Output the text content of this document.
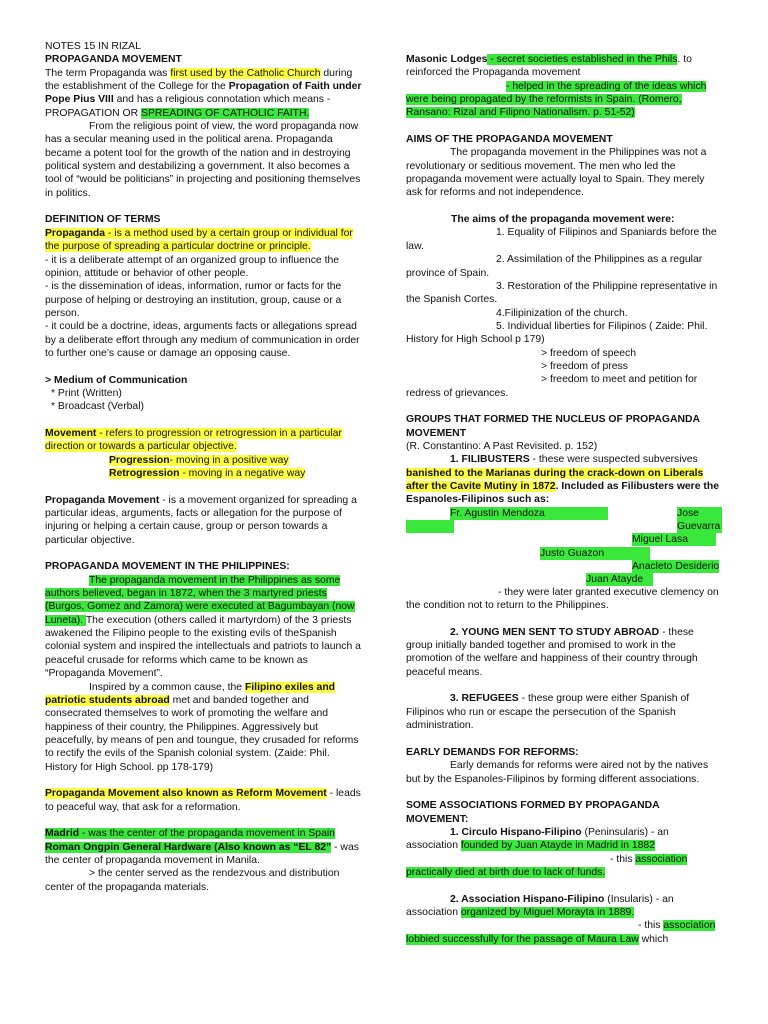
NOTES 15 IN RIZAL

PROPAGANDA MOVEMENT

The term Propaganda was first used by the Catholic Church during the establishment of the College for the Propagation of Faith under Pope Pius VIII and has a religious connotation which means - PROPAGATION OR SPREADING OF CATHOLIC FAITH.

From the religious point of view, the word propaganda now has a secular meaning used in the political arena. Propaganda became a potent tool for the growth of the nation and in destroying political system and destabilizing a government. It also becomes a tool of “would be politicians” in projecting and positioning themselves in politics.

DEFINITION OF TERMS

Propaganda - is a method used by a certain group or individual for the purpose of spreading a particular doctrine or principle.

- it is a deliberate attempt of an organized group to influence the opinion, attitude or behavior of other people.

- is the dissemination of ideas, information, rumor or facts for the purpose of helping or destroying an institution, group, cause or a person.

- it could be a doctrine, ideas, arguments facts or allegations spread by a deliberate effort through any medium of communication in order to further one’s cause or damage an opposing cause.

> Medium of Communication

* Print (Written)

* Broadcast (Verbal)

Movement - refers to progression or retrogression in a particular direction or towards a particular objective.

Progression- moving in a positive way

Retrogression - moving in a negative way

Propaganda Movement - is a movement organized for spreading a particular ideas, arguments, facts or allegation for the purpose of injuring or helping a certain cause, group or person towards a particular objective.

PROPAGANDA MOVEMENT IN THE PHILIPPINES:

The propaganda movement in the Philippines as some authors believed, began in 1872, when the 3 martyred priests (Burgos, Gomez and Zamora) were executed at Bagumbayan (now Luneta). The execution (others called it martyrdom) of the 3 priests awakened the Filipino people to the existing evils of theSpanish colonial system and inspired the intellectuals and patriots to launch a peaceful crusade for reforms which came to be known as “Propaganda Movement”.

Inspired by a common cause, the Filipino exiles and patriotic students abroad met and banded together and consecrated themselves to work of promoting the welfare and happiness of their country, the Philippines. Aggressively but peacefully, by means of pen and toungue, they crusaded for reforms to rectify the evils of the Spanish colonial system. (Zaide: Phil. History for High School. pp 178-179)

Propaganda Movement also known as Reform Movement - leads to peaceful way, that ask for a reformation.

Madrid - was the center of the propaganda movement in Spain

Roman Ongpin General Hardware (Also known as “EL 82” - was the center of propaganda movement in Manila.

> the center served as the rendezvous and distribution center of the propaganda materials.

Masonic Lodges - secret societies established in the Phils. to reinforced the Propaganda movement

- helped in the spreading of the ideas which were being propagated by the reformists in Spain. (Romero, Ransano: Rizal and Filipno Nationalism. p. 51-52)

AIMS OF THE PROPAGANDA MOVEMENT

The propaganda movement in the Philippines was not a revolutionary or seditious movement. The men who led the propaganda movement were actually loyal to Spain. They merely ask for reforms and not independence.

The aims of the propaganda movement were:

1. Equality of Filipinos and Spaniards before the law.

2. Assimilation of the Philippines as a regular province of Spain.

3. Restoration of the Philippine representative in the Spanish Cortes.

4.Filipinization of the church.

5. Individual liberties for Filipinos ( Zaide: Phil. History for High School p 179)

> freedom of speech

> freedom of press

> freedom to meet and petition for redress of grievances.

GROUPS THAT FORMED THE NUCLEUS OF PROPAGANDA MOVEMENT

(R. Constantino: A Past Revisited. p. 152)

1. FILIBUSTERS - these were suspected subversives banished to the Marianas during the crack-down on Liberals after the Cavite Mutiny in 1872. Included as Filibusters were the Espanoles-Filipinos such as:

Fr. Agustin Mendoza	Jose Guevarra
Miguel Lasa
Justo Guazon
Anacleto Desiderio
Juan Atayde

- they were later granted executive clemency on the condition not to return to the Philippines.

2. YOUNG MEN SENT TO STUDY ABROAD - these group initially banded together and promised to work in the promotion of the welfare and happiness of their country through peaceful means.

3. REFUGEES - these group were either Spanish of Filipinos who run or escape the persecution of the Spanish administration.

EARLY DEMANDS FOR REFORMS:

Early demands for reforms were aired not by the natives but by the Espanoles-Filipinos by forming different associations.

SOME ASSOCIATIONS FORMED BY PROPAGANDA MOVEMENT:

1. Circulo Hispano-Filipino (Peninsularis) - an association founded by Juan Atayde in Madrid in 1882

- this association practically died at birth due to lack of funds.

2. Association Hispano-Filipino (Insularis) - an association organized by Miguel Morayta in 1889.

- this association lobbied successfully for the passage of Maura Law which
